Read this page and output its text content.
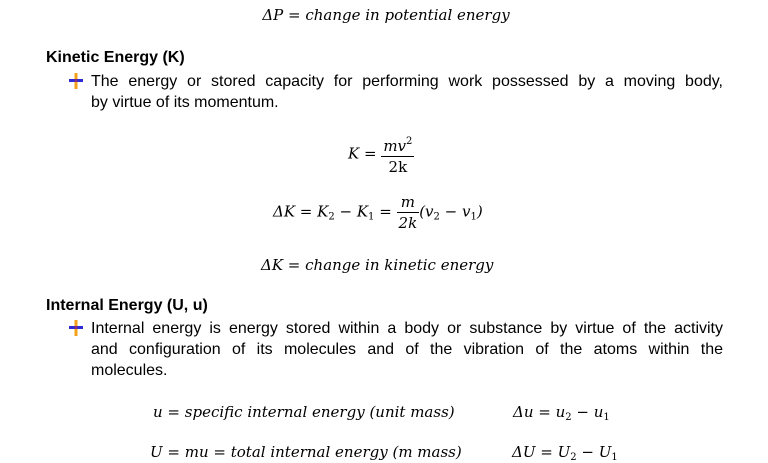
ΔP = change in potential energy
Kinetic Energy (K)
The energy or stored capacity for performing work possessed by a moving body,
by virtue of its momentum.
$K = \frac{mv^2}{2k}$
$\Delta K = K_2 - K_1 = \frac{m}{2k} (v_2 - v_1)$
ΔK = change in kinetic energy
Internal Energy (U, u)
Internal energy is energy stored within a body or substance by virtue of the activity
and configuration of its molecules and of the vibration of the atoms within the
molecules.
u = specific internal energy (unit mass)	$\Delta u = u_2 - u_1$
U = mu = total internal energy (m mass)	$\Delta U = U_2 - U_1$
